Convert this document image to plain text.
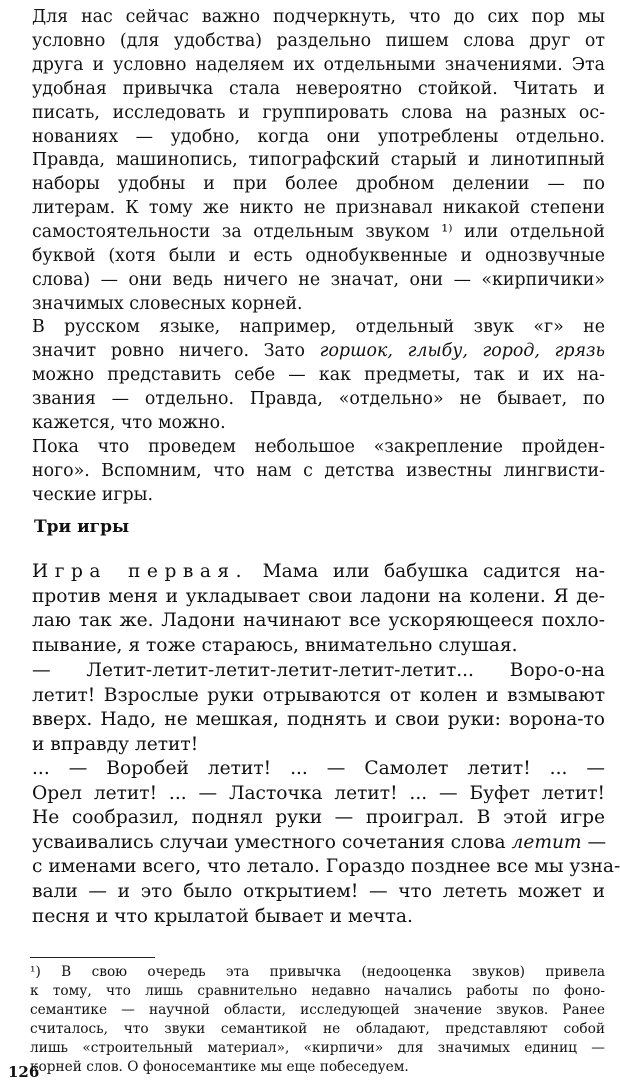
Для нас сейчас важно подчеркнуть, что до сих пор мы
условно (для удобства) раздельно пишем слова друг от
друга и условно наделяем их отдельными значениями. Эта
удобная привычка стала невероятно стойкой. Читать и
писать, исследовать и группировать слова на разных ос-
нованиях — удобно, когда они употреблены отдельно.
Правда, машинопись, типографский старый и линотипный
наборы удобны и при более дробном делении — по
литерам. К тому же никто не признавал никакой степени
самостоятельности за отдельным звуком ¹⁾ или отдельной
буквой (хотя были и есть однобуквенные и однозвучные
слова) — они ведь ничего не значат, они — «кирпичики»
значимых словесных корней.
В русском языке, например, отдельный звук «г» не
значит ровно ничего. Зато горшок, глыбу, город, грязь
можно представить себе — как предметы, так и их на-
звания — отдельно. Правда, «отдельно» не бывает, по
кажется, что можно.
Пока что проведем небольшое «закрепление пройден-
ного». Вспомним, что нам с детства известны лингвисти-
ческие игры.
Три игры
Игра первая. Мама или бабушка садится на-
против меня и укладывает свои ладони на колени. Я де-
лаю так же. Ладони начинают все ускоряющееся похло-
пывание, я тоже стараюсь, внимательно слушая.
— Летит-летит-летит-летит-летит-летит... Воро-о-на
летит! Взрослые руки отрываются от колен и взмывают
вверх. Надо, не мешкая, поднять и свои руки: ворона-то
и вправду летит!
... — Воробей летит! ... — Самолет летит! ... —
Орел летит! ... — Ласточка летит! ... — Буфет летит!
Не сообразил, поднял руки — проиграл. В этой игре
усваивались случаи уместного сочетания слова летит —
с именами всего, что летало. Гораздо позднее все мы узна-
вали — и это было открытием! — что лететь может и
песня и что крылатой бывает и мечта.
¹) В свою очередь эта привычка (недооценка звуков) привела
к тому, что лишь сравнительно недавно начались работы по фоно-
семантике — научной области, исследующей значение звуков. Ранее
считалось, что звуки семантикой не обладают, представляют собой
лишь «строительный материал», «кирпичи» для значимых единиц —
корней слов. О фоносемантике мы еще побеседуем.
126
